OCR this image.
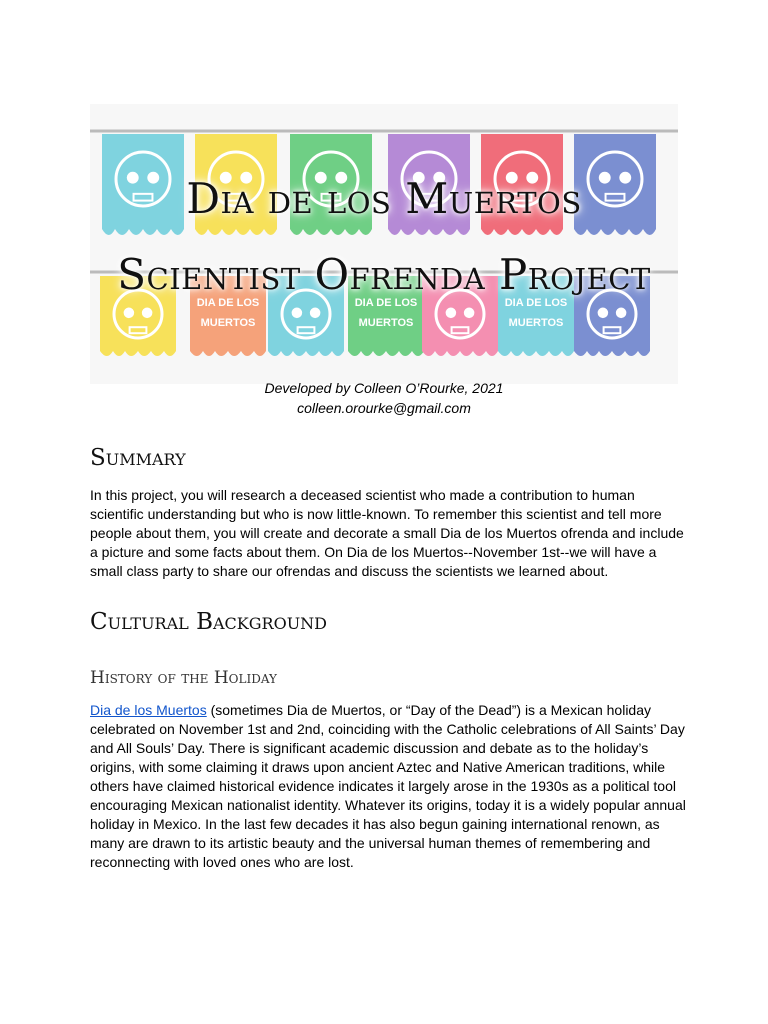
DIA DE LOS
MUERTOS
DIA DE LOS
MUERTOS
DIA DE LOS
MUERTOS
Dia de los Muertos
Scientist Ofrenda Project
Developed by Colleen O’Rourke, 2021
colleen.orourke@gmail.com
Summary

In this project, you will research a deceased scientist who made a contribution to human scientific understanding but who is now little-known. To remember this scientist and tell more people about them, you will create and decorate a small Dia de los Muertos ofrenda and include a picture and some facts about them. On Dia de los Muertos--November 1st--we will have a small class party to share our ofrendas and discuss the scientists we learned about.

Cultural Background
History of the Holiday

Dia de los Muertos (sometimes Dia de Muertos, or “Day of the Dead”) is a Mexican holiday celebrated on November 1st and 2nd, coinciding with the Catholic celebrations of All Saints’ Day and All Souls’ Day. There is significant academic discussion and debate as to the holiday’s origins, with some claiming it draws upon ancient Aztec and Native American traditions, while others have claimed historical evidence indicates it largely arose in the 1930s as a political tool encouraging Mexican nationalist identity. Whatever its origins, today it is a widely popular annual holiday in Mexico. In the last few decades it has also begun gaining international renown, as many are drawn to its artistic beauty and the universal human themes of remembering and reconnecting with loved ones who are lost.
